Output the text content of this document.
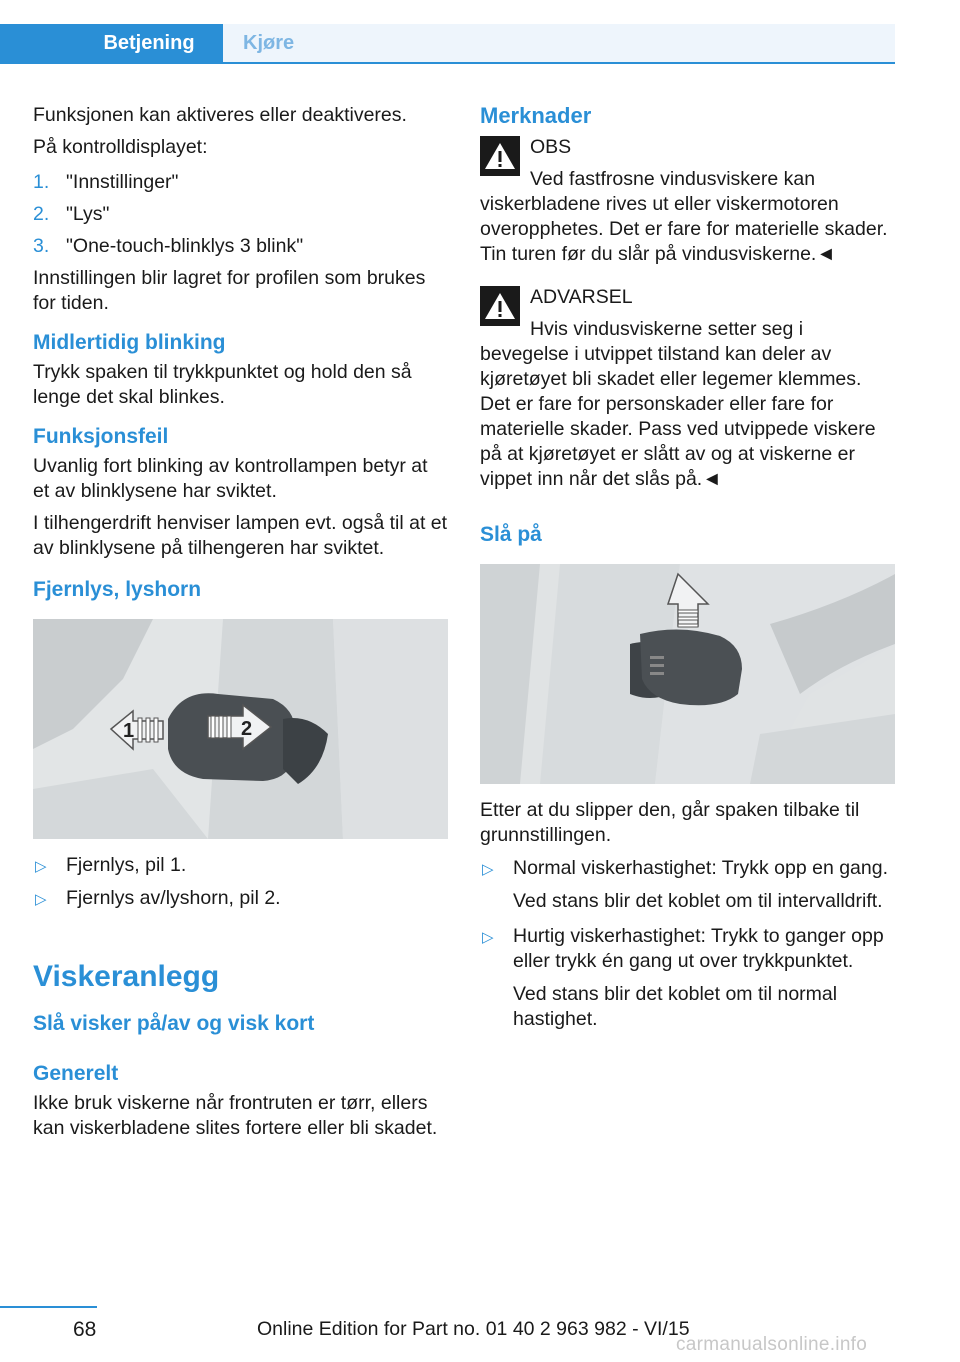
Betjening	Kjøre

Funksjonen kan aktiveres eller deaktiveres.

På kontrolldisplayet:

1. "Innstillinger"
2. "Lys"
3. "One-touch-blinklys 3 blink"

Innstillingen blir lagret for profilen som brukes for tiden.

Midlertidig blinking

Trykk spaken til trykkpunktet og hold den så lenge det skal blinkes.

Funksjonsfeil

Uvanlig fort blinking av kontrollampen betyr at et av blinklysene har sviktet.

I tilhengerdrift henviser lampen evt. også til at et av blinklysene på tilhengeren har sviktet.

Fjernlys, lyshorn
1	2
▷ Fjernlys, pil 1.
▷ Fjernlys av/lyshorn, pil 2.
Viskeranlegg
Slå visker på/av og visk kort
Generelt

Ikke bruk viskerne når frontruten er tørr, ellers kan viskerbladene slites fortere eller bli skadet.

Merknader

OBS

Ved fastfrosne vindusviskere kan viskerbladene rives ut eller viskermotoren overopphetes. Det er fare for materielle skader. Tin turen før du slår på vindusviskerne.◄

ADVARSEL

Hvis vindusviskerne setter seg i bevegelse i utvippet tilstand kan deler av kjøretøyet bli skadet eller legemer klemmes. Det er fare for personskader eller fare for materielle skader. Pass ved utvippede viskere på at kjøretøyet er slått av og at viskerne er vippet inn når det slås på.◄

Slå på

Etter at du slipper den, går spaken tilbake til grunnstillingen.

▷ Normal viskerhastighet: Trykk opp en gang.

Ved stans blir det koblet om til intervalldrift.

▷ Hurtig viskerhastighet: Trykk to ganger opp eller trykk én gang ut over trykkpunktet.

Ved stans blir det koblet om til normal hastighet.

68	Online Edition for Part no. 01 40 2 963 982 - VI/15
carmanualsonline.info
